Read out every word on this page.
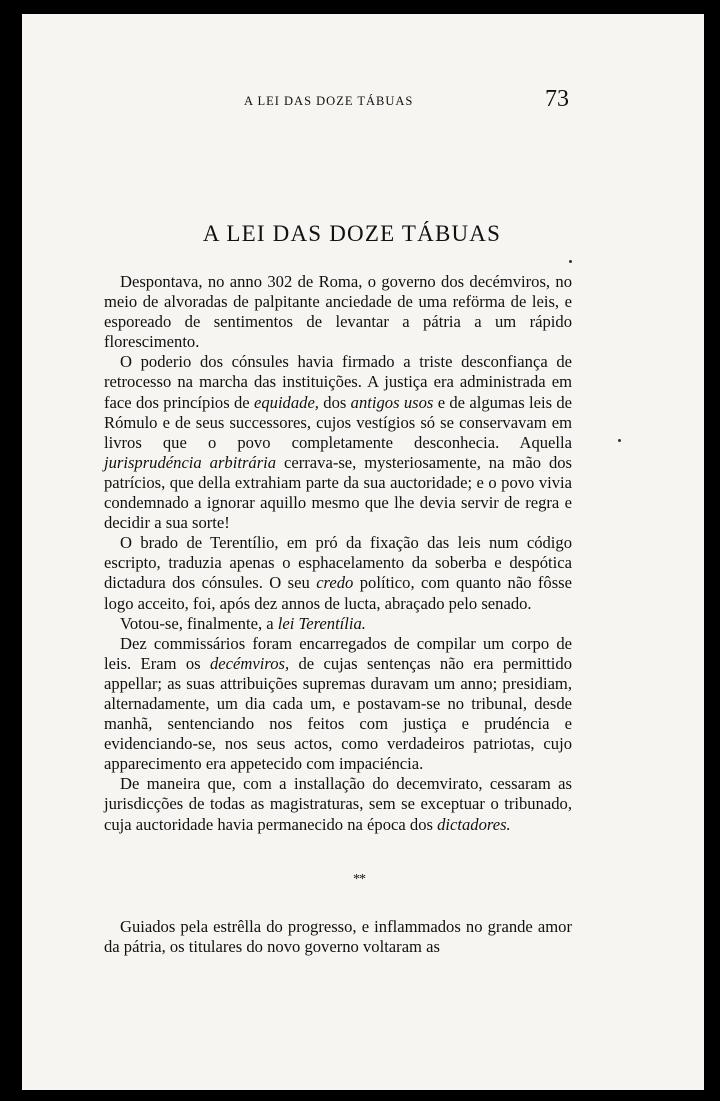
A LEI DAS DOZE TÁBUAS	73
A LEI DAS DOZE TÁBUAS

Despontava, no anno 302 de Roma, o governo dos decémviros, no meio de alvoradas de palpitante anciedade de uma reförma de leis, e esporeado de sentimentos de levantar a pátria a um rápido florescimento.

O poderio dos cónsules havia firmado a triste desconfiança de retrocesso na marcha das instituições. A justiça era administrada em face dos princípios de equidade, dos antigos usos e de algumas leis de Rómulo e de seus successores, cujos vestígios só se conservavam em livros que o povo completamente desconhecia. Aquella jurisprudéncia arbitrária cerrava-se, mysteriosamente, na mão dos patrícios, que della extrahiam parte da sua auctoridade; e o povo vivia condemnado a ignorar aquillo mesmo que lhe devia servir de regra e decidir a sua sorte!

O brado de Terentílio, em pró da fixação das leis num código escripto, traduzia apenas o esphacelamento da soberba e despótica dictadura dos cónsules. O seu credo político, com quanto não fôsse logo acceito, foi, após dez annos de lucta, abraçado pelo senado.

Votou-se, finalmente, a lei Terentília.

Dez commissários foram encarregados de compilar um corpo de leis. Eram os decémviros, de cujas sentenças não era permittido appellar; as suas attribuições supremas duravam um anno; presidiam, alternadamente, um dia cada um, e postavam-se no tribunal, desde manhã, sentenciando nos feitos com justiça e prudéncia e evidenciando-se, nos seus actos, como verdadeiros patriotas, cujo apparecimento era appetecido com impaciéncia.

De maneira que, com a installação do decemvirato, cessaram as jurisdicções de todas as magistraturas, sem se exceptuar o tribunado, cuja auctoridade havia permanecido na época dos dictadores.

**

Guiados pela estrêlla do progresso, e inflammados no grande amor da pátria, os titulares do novo governo voltaram as
